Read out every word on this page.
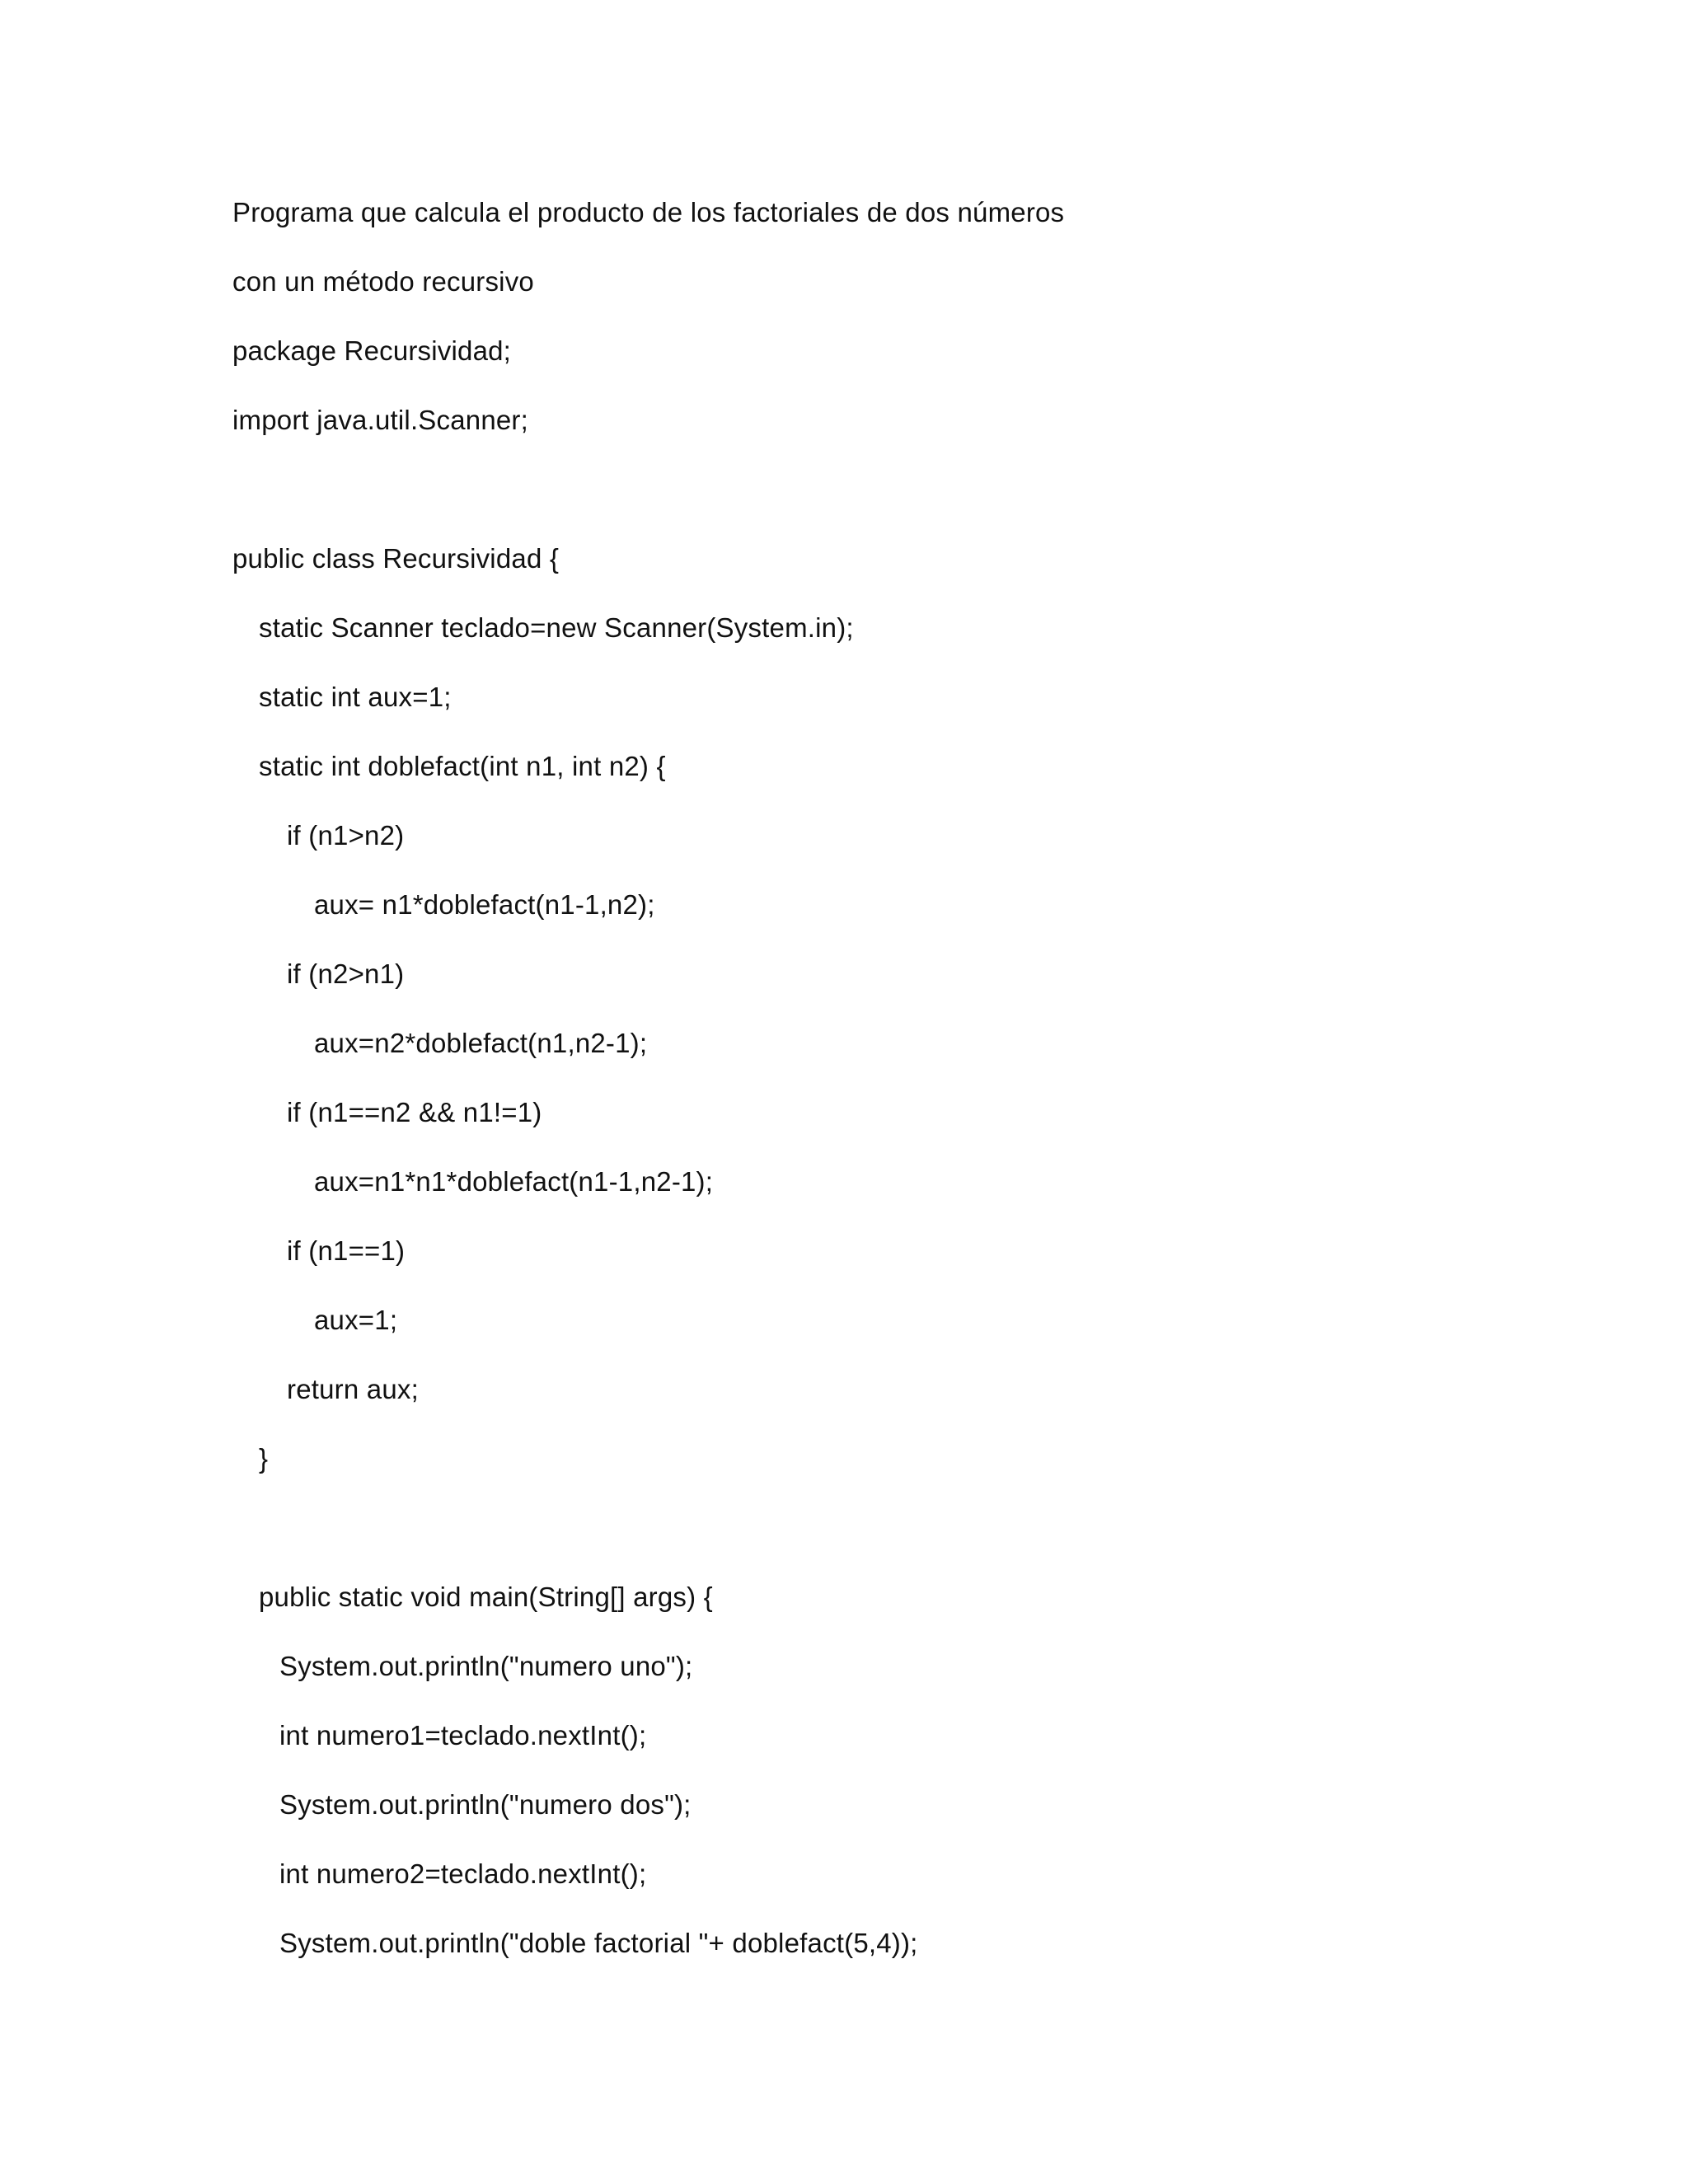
Programa que calcula el producto de los factoriales de dos números
con un método recursivo
package Recursividad;
import java.util.Scanner;
public class Recursividad {
static Scanner teclado=new Scanner(System.in);
static int aux=1;
static int doblefact(int n1, int n2) {
if (n1>n2)
aux= n1*doblefact(n1-1,n2);
if (n2>n1)
aux=n2*doblefact(n1,n2-1);
if (n1==n2 && n1!=1)
aux=n1*n1*doblefact(n1-1,n2-1);
if (n1==1)
aux=1;
return aux;
}
public static void main(String[] args) {
System.out.println("numero uno");
int numero1=teclado.nextInt();
System.out.println("numero dos");
int numero2=teclado.nextInt();
System.out.println("doble factorial "+ doblefact(5,4));
